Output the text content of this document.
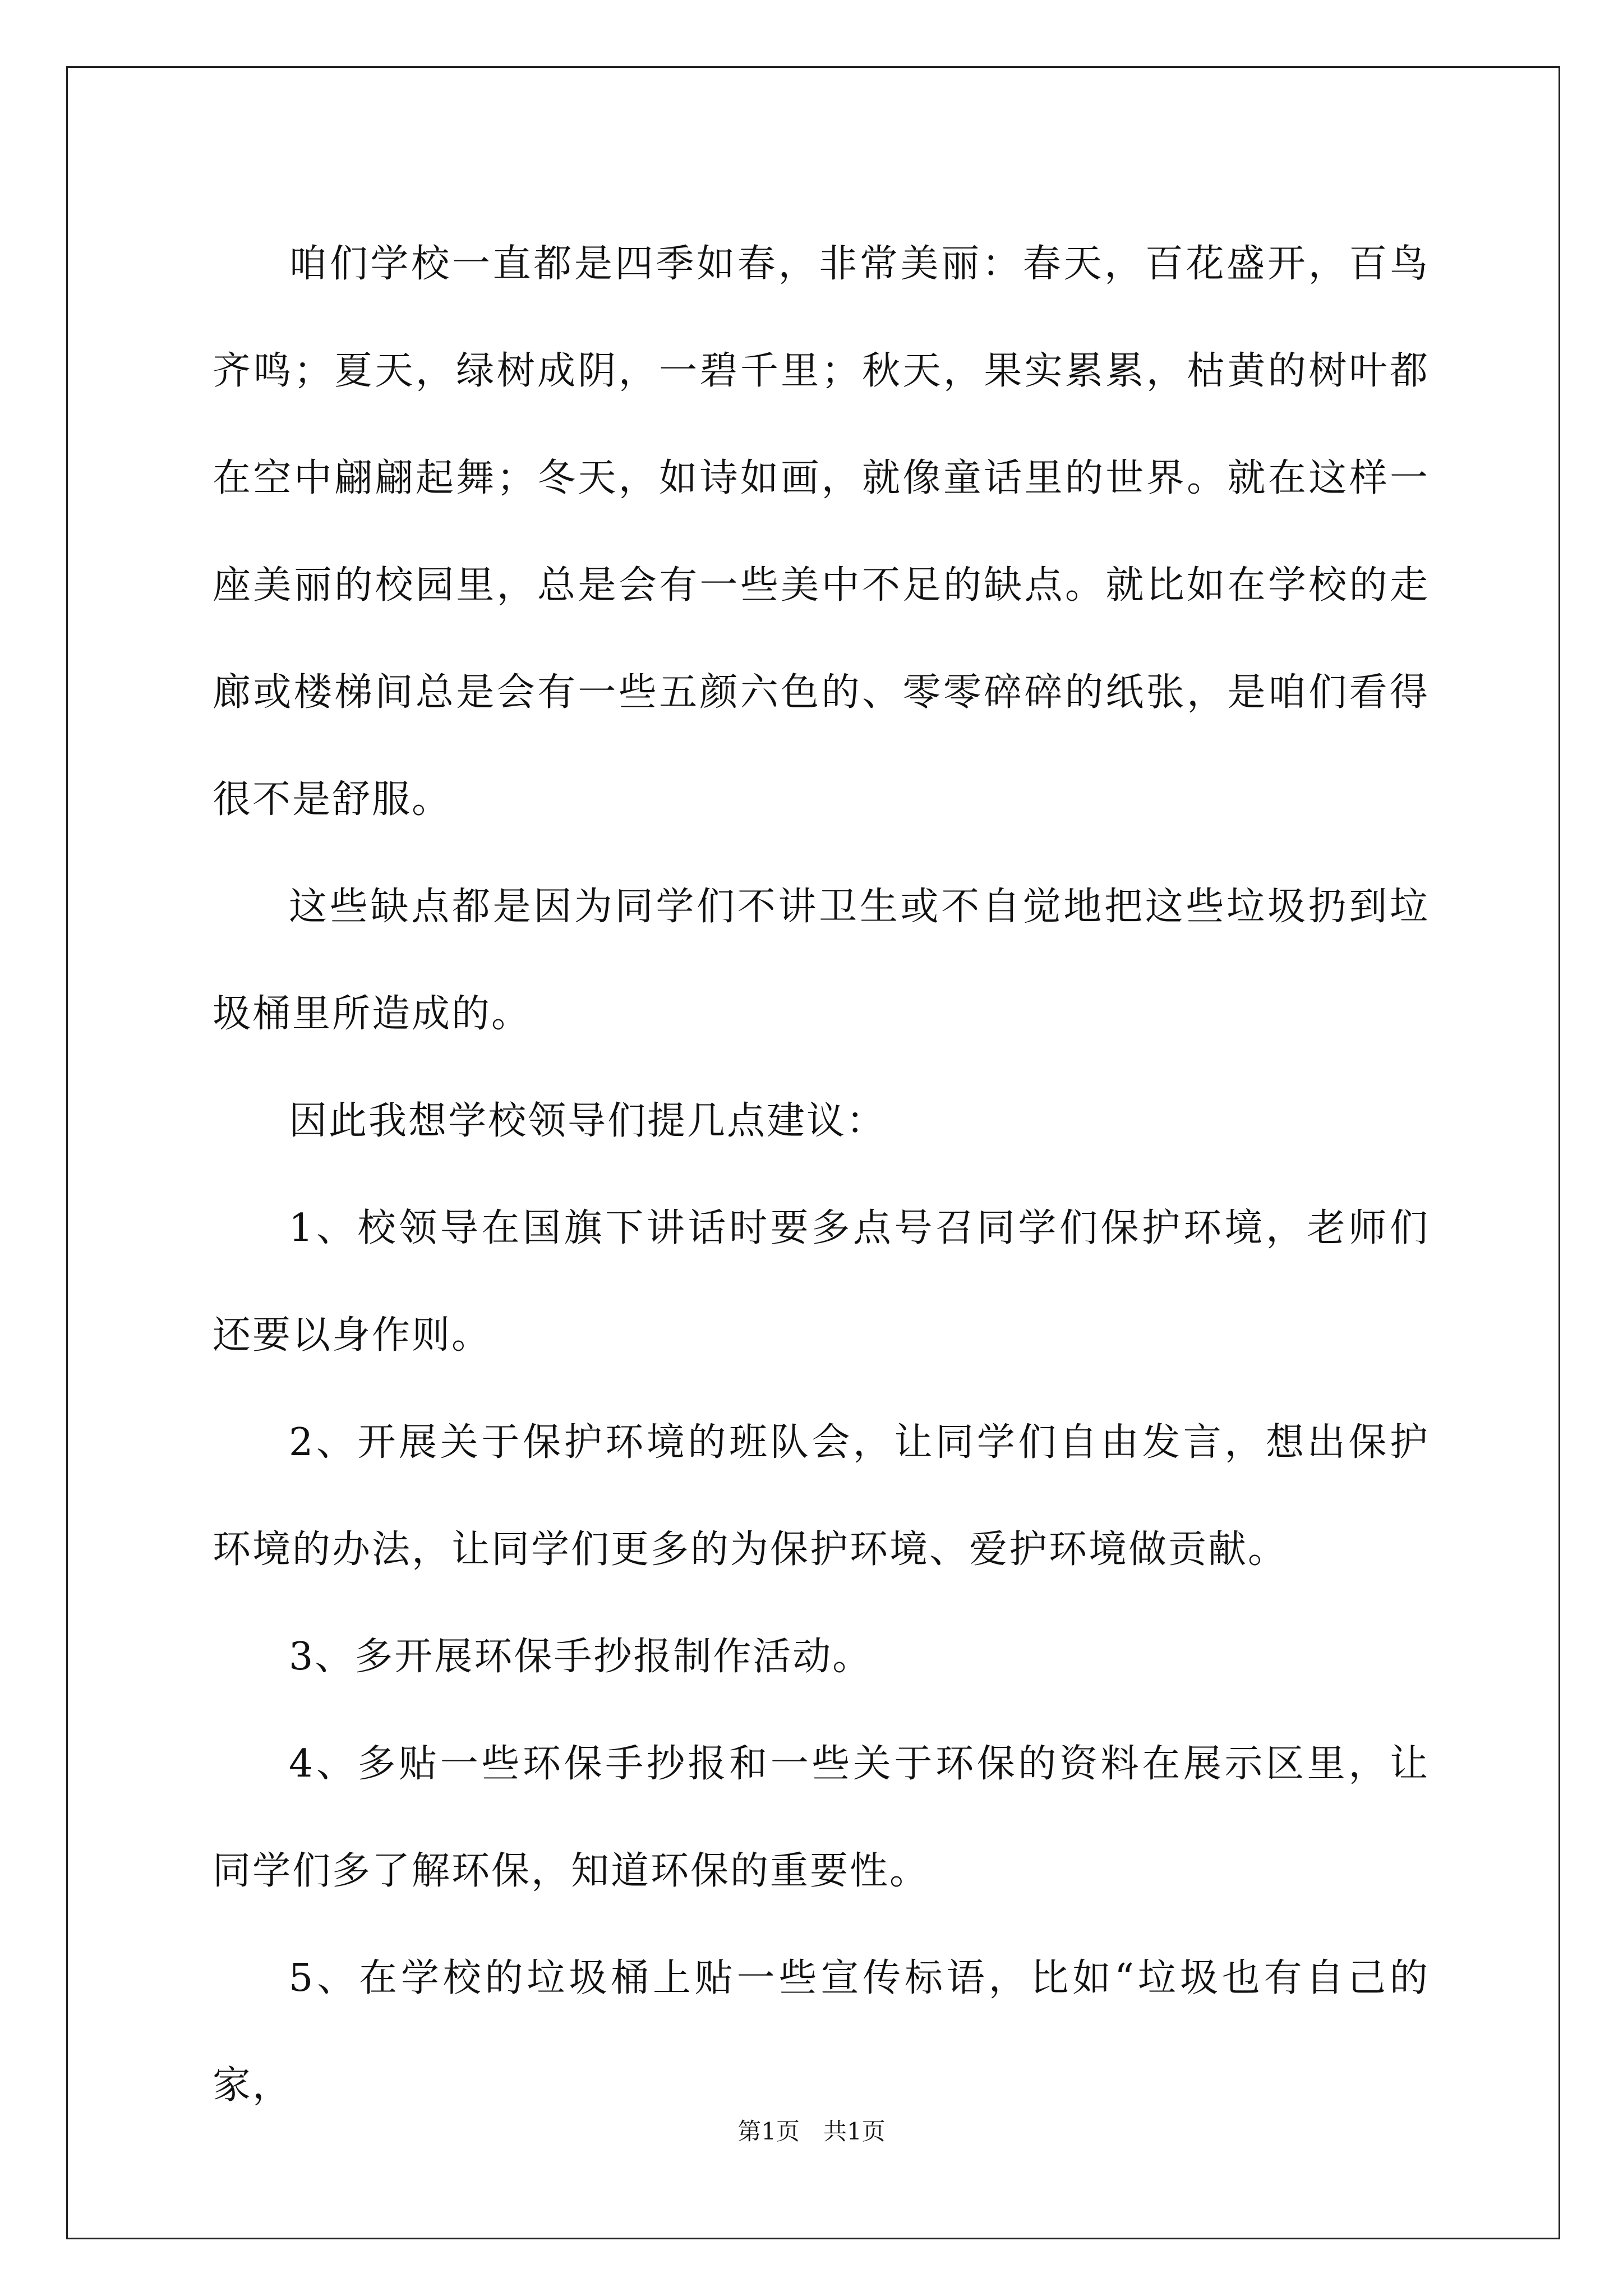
咱们学校一直都是四季如春，非常美丽：春天，百花盛开，百鸟齐鸣；夏天，绿树成阴，一碧千里；秋天，果实累累，枯黄的树叶都在空中翩翩起舞；冬天，如诗如画，就像童话里的世界。就在这样一座美丽的校园里，总是会有一些美中不足的缺点。就比如在学校的走廊或楼梯间总是会有一些五颜六色的、零零碎碎的纸张，是咱们看得很不是舒服。

这些缺点都是因为同学们不讲卫生或不自觉地把这些垃圾扔到垃圾桶里所造成的。

因此我想学校领导们提几点建议：

1、校领导在国旗下讲话时要多点号召同学们保护环境，老师们还要以身作则。

2、开展关于保护环境的班队会，让同学们自由发言，想出保护环境的办法，让同学们更多的为保护环境、爱护环境做贡献。

3、多开展环保手抄报制作活动。

4、多贴一些环保手抄报和一些关于环保的资料在展示区里，让同学们多了解环保，知道环保的重要性。

5、在学校的垃圾桶上贴一些宣传标语，比如“垃圾也有自己的家，

第1页　共1页
